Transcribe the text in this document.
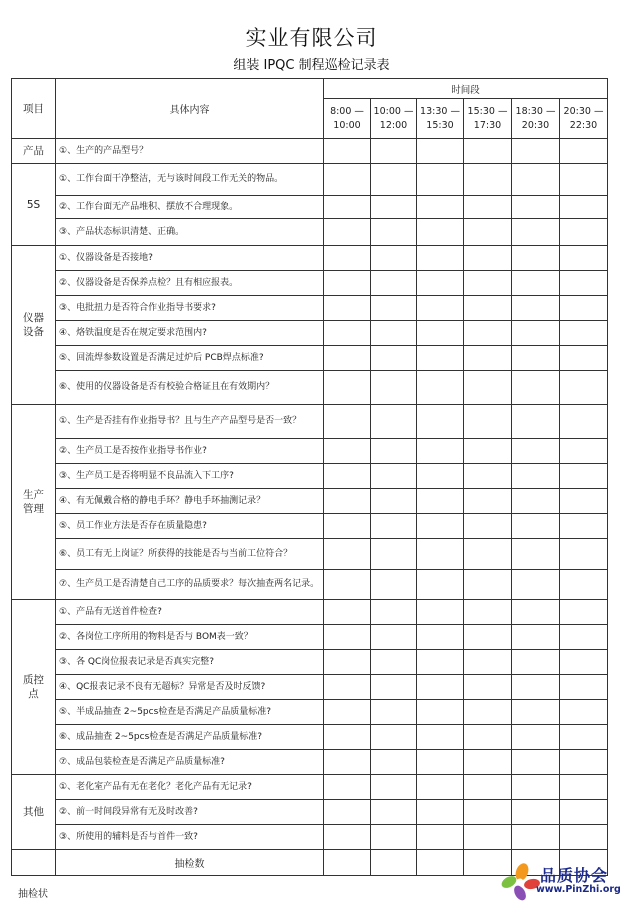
实业有限公司
组装 IPQC 制程巡检记录表
项目	具体内容	时间段					
		8:00 — 10:00	10:00 — 12:00	13:30 — 15:30	15:30 — 17:30	18:30 — 20:30	20:30 — 22:30
产品	①、生产的产品型号？						
5S	①、工作台面干净整洁，无与该时间段工作无关的物品。						
	②、工作台面无产品堆积、摆放不合理现象。						
	③、产品状态标识清楚、正确。						
仪器设备	①、仪器设备是否接地?						
	②、仪器设备是否保养点检？且有相应报表。						
	③、电批扭力是否符合作业指导书要求?						
	④、烙铁温度是否在规定要求范围内?						
	⑤、回流焊参数设置是否满足过炉后 PCB焊点标准?						
	⑥、使用的仪器设备是否有校验合格证且在有效期内？						
生产管理	①、生产是否挂有作业指导书？且与生产产品型号是否一致？						
	②、生产员工是否按作业指导书作业?						
	③、生产员工是否将明显不良品流入下工序?						
	④、有无佩戴合格的静电手环？静电手环抽测记录？						
	⑤、员工作业方法是否存在质量隐患?						
	⑥、员工有无上岗证？所获得的技能是否与当前工位符合？						
	⑦、生产员工是否清楚自己工序的品质要求？每次抽查两名记录。						
质控点	①、产品有无送首件检查?						
	②、各岗位工序所用的物料是否与 BOM表一致？						
	③、各 QC岗位报表记录是否真实完整?						
	④、QC报表记录不良有无超标？异常是否及时反馈?						
	⑤、半成品抽查 2~5pcs检查是否满足产品质量标准?						
	⑥、成品抽查 2~5pcs检查是否满足产品质量标准?						
	⑦、成品包装检查是否满足产品质量标准?						
其他	①、老化室产品有无在老化？老化产品有无记录?						
	②、前一时间段异常有无及时改善?						
	③、所使用的辅料是否与首件一致?						
	抽检数						
抽检状
品质协会
www.PinZhi.org
